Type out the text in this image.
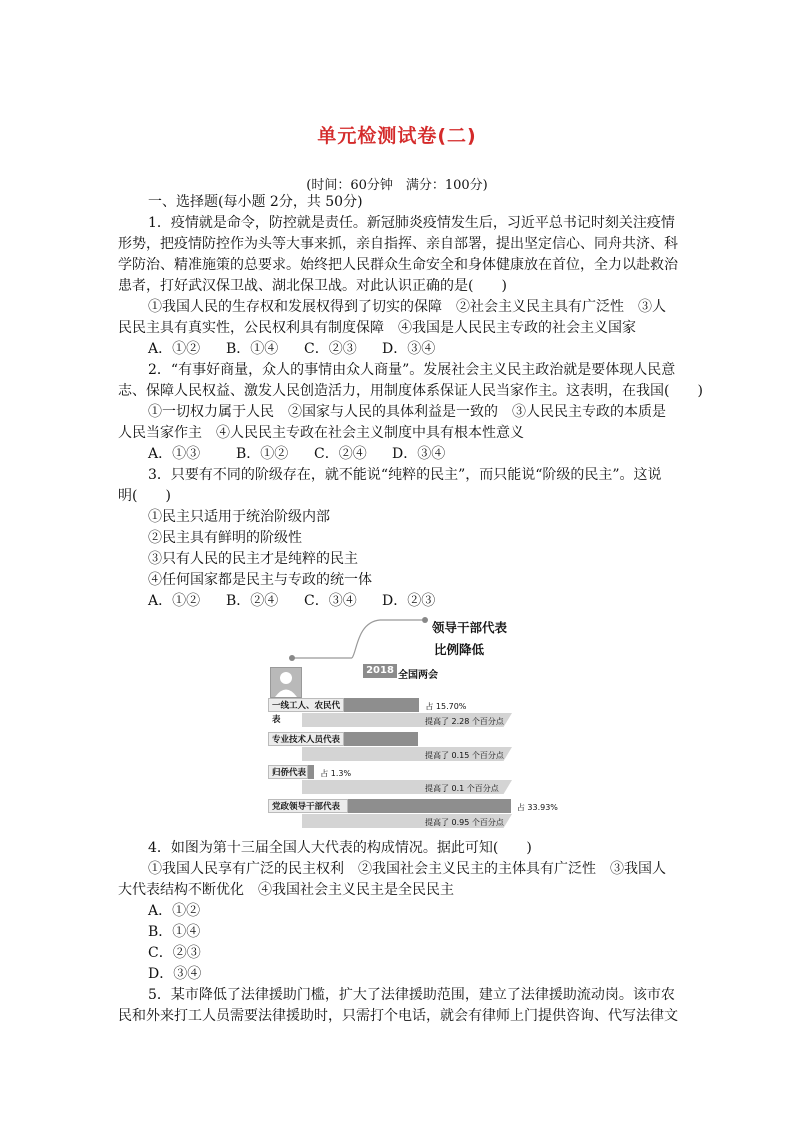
单元检测试卷(二)
(时间：60分钟　满分：100分)
一、选择题(每小题 2分，共 50分)
1．疫情就是命令，防控就是责任。新冠肺炎疫情发生后，习近平总书记时刻关注疫情
形势，把疫情防控作为头等大事来抓，亲自指挥、亲自部署，提出坚定信心、同舟共济、科
学防治、精准施策的总要求。始终把人民群众生命安全和身体健康放在首位，全力以赴救治
患者，打好武汉保卫战、湖北保卫战。对此认识正确的是(　　)
①我国人民的生存权和发展权得到了切实的保障　②社会主义民主具有广泛性　③人
民民主具有真实性，公民权利具有制度保障　④我国是人民民主专政的社会主义国家
A．①② B．①④ C．②③ D．③④
2．“有事好商量，众人的事情由众人商量”。发展社会主义民主政治就是要体现人民意
志、保障人民权益、激发人民创造活力，用制度体系保证人民当家作主。这表明，在我国(　　)
①一切权力属于人民　②国家与人民的具体利益是一致的　③人民民主专政的本质是
人民当家作主　④人民民主专政在社会主义制度中具有根本性意义
A．①③	B．①② C．②④ D．③④
3．只要有不同的阶级存在，就不能说“纯粹的民主”，而只能说“阶级的民主”。这说
明(　　)
①民主只适用于统治阶级内部
②民主具有鲜明的阶级性
③只有人民的民主才是纯粹的民主
④任何国家都是民主与专政的统一体
A．①② B．②④ C．③④ D．②③
领导干部代表
比例降低
2018 全国两会
一线工人、农民代表
占 15.70%
提高了 2.28 个百分点
专业技术人员代表
提高了 0.15 个百分点
归侨代表 占 1.3%
提高了 0.1 个百分点
党政领导干部代表	占 33.93%
提高了 0.95 个百分点
4．如图为第十三届全国人大代表的构成情况。据此可知(　　)
①我国人民享有广泛的民主权利　②我国社会主义民主的主体具有广泛性　③我国人
大代表结构不断优化　④我国社会主义民主是全民民主
A．①②
B．①④
C．②③
D．③④
5．某市降低了法律援助门槛，扩大了法律援助范围，建立了法律援助流动岗。该市农
民和外来打工人员需要法律援助时，只需打个电话，就会有律师上门提供咨询、代写法律文
